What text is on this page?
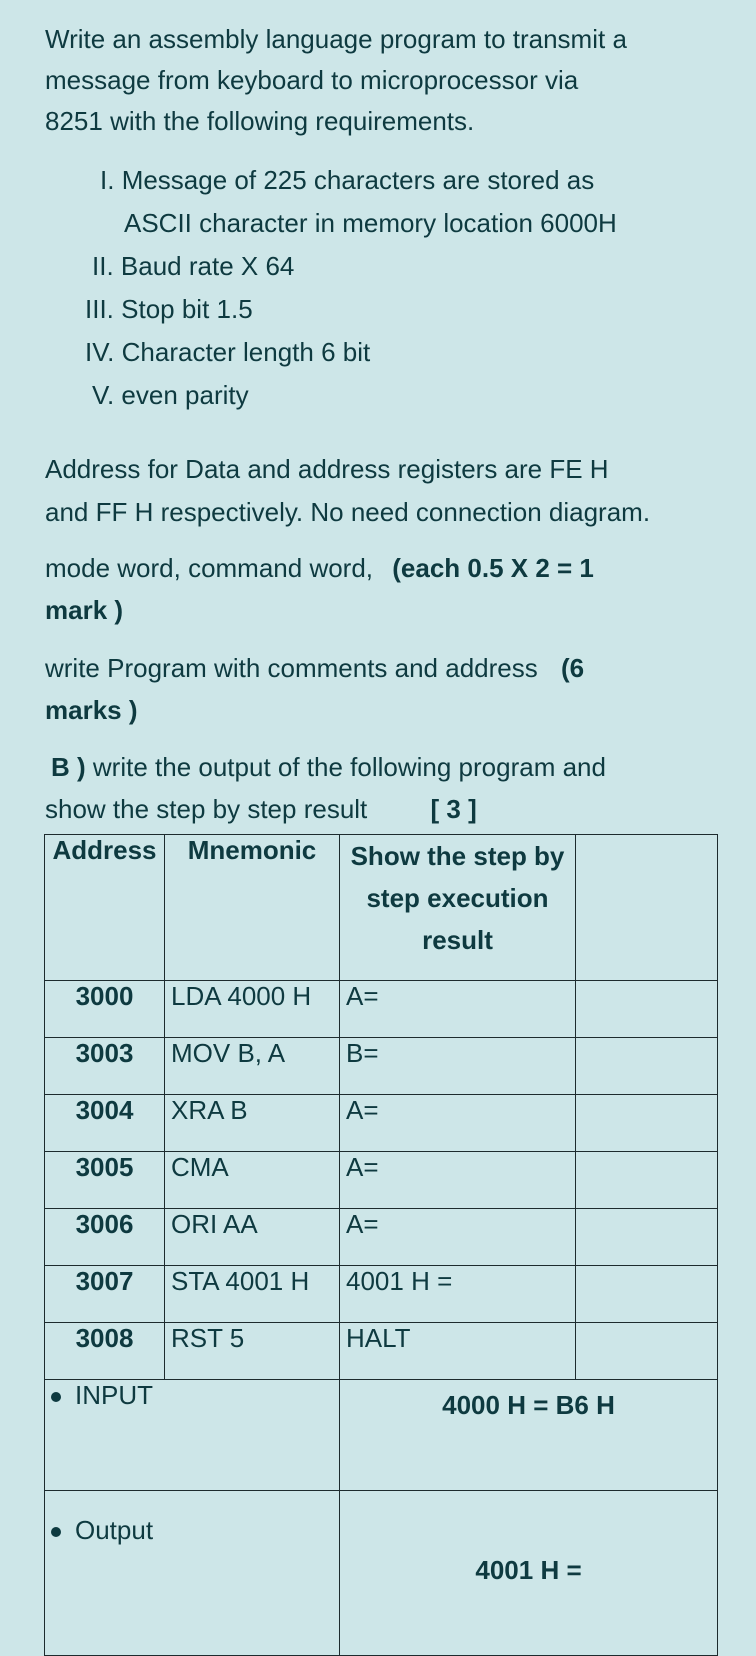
Write an assembly language program to transmit a
message from keyboard to microprocessor via
8251 with the following requirements.
I. Message of 225 characters are stored as
ASCII character in memory location 6000H
II. Baud rate X 64
III. Stop bit 1.5
IV. Character length 6 bit
V. even parity
Address for Data and address registers are FE H
and FF H respectively. No need connection diagram.
mode word, command word, (each 0.5 X 2 = 1
mark )
write Program with comments and address (6
marks )
B ) write the output of the following program and
show the step by step result [ 3 ]
Address	Mnemonic	Show the step by step execution result	
3000	LDA 4000 H	A=	
3003	MOV B, A	B=	
3004	XRA B	A=	
3005	CMA	A=	
3006	ORI AA	A=	
3007	STA 4001 H	4001 H =	
3008	RST 5	HALT	
INPUT		4000 H = B6 H	
Output		4001 H =	
